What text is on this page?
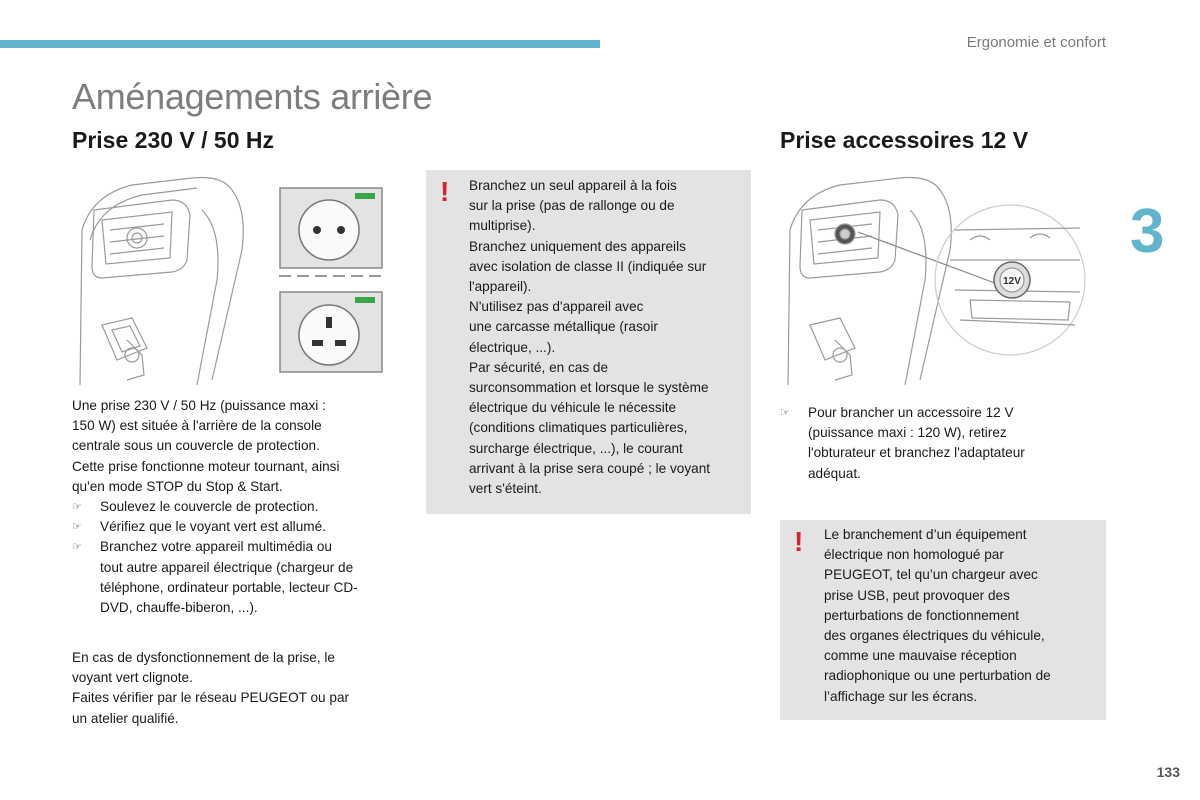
Ergonomie et confort
Aménagements arrière
3
Prise 230 V / 50 Hz	Prise accessoires 12 V

Une prise 230 V / 50 Hz (puissance maxi :

150 W) est située à l'arrière de la console

centrale sous un couvercle de protection.

Cette prise fonctionne moteur tournant, ainsi

qu'en mode STOP du Stop & Start.

☞ Soulevez le couvercle de protection.
☞ Vérifiez que le voyant vert est allumé.
☞ Branchez votre appareil multimédia ou
tout autre appareil électrique (chargeur de
téléphone, ordinateur portable, lecteur CD-
DVD, chauffe-biberon, ...).

En cas de dysfonctionnement de la prise, le

voyant vert clignote.

Faites vérifier par le réseau PEUGEOT ou par

un atelier qualifié.

! Branchez un seul appareil à la fois

sur la prise (pas de rallonge ou de

multiprise).

Branchez uniquement des appareils

avec isolation de classe II (indiquée sur

l'appareil).

N'utilisez pas d'appareil avec

une carcasse métallique (rasoir

électrique, ...).

Par sécurité, en cas de

surconsommation et lorsque le système

électrique du véhicule le nécessite

(conditions climatiques particulières,

surcharge électrique, ...), le courant

arrivant à la prise sera coupé ; le voyant

vert s'éteint.

12V
☞ Pour brancher un accessoire 12 V
(puissance maxi : 120 W), retirez
l'obturateur et branchez l'adaptateur
adéquat.
! Le branchement d’un équipement

électrique non homologué par

PEUGEOT, tel qu’un chargeur avec

prise USB, peut provoquer des

perturbations de fonctionnement

des organes électriques du véhicule,

comme une mauvaise réception

radiophonique ou une perturbation de

l’affichage sur les écrans.

133
